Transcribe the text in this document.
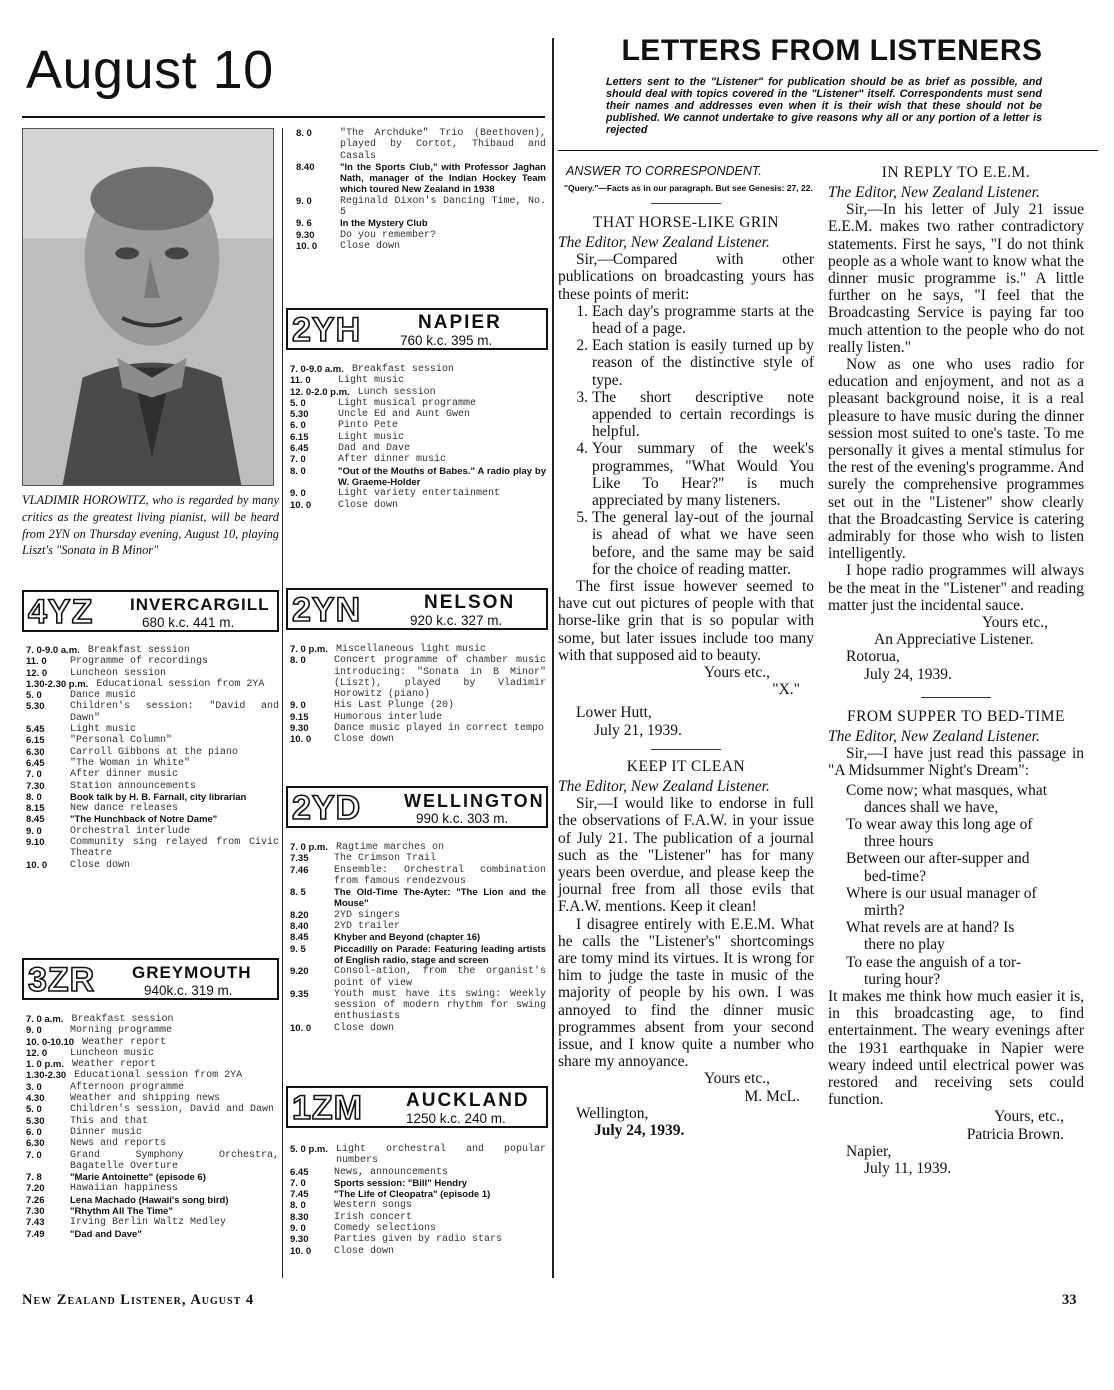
August 10
VLADIMIR HOROWITZ, who is regarded by many critics as the greatest living pianist, will be heard from 2YN on Thursday evening, August 10, playing Liszt's "Sonata in B Minor"
8. 0	"The Archduke" Trio (Beethoven), played by Cortot, Thibaud and Casals
8.40	"In the Sports Club," with Professor Jaghan Nath, manager of the Indian Hockey Team which toured New Zealand in 1938
9. 0	Reginald Dixon's Dancing Time, No. 5
9. 6	In the Mystery Club
9.30	Do you remember?
10. 0	Close down
2YH	NAPIER
760 k.c. 395 m.
7. 0-9.0 a.m. Breakfast session
11. 0	Light music
12. 0-2.0 p.m. Lunch session
5. 0	Light musical programme
5.30	Uncle Ed and Aunt Gwen
6. 0	Pinto Pete
6.15	Light music
6.45	Dad and Dave
7. 0	After dinner music
8. 0	"Out of the Mouths of Babes." A radio play by W. Graeme-Holder
9. 0	Light variety entertainment
10. 0	Close down
4YZ INVERCARGILL
680 k.c. 441 m.
7. 0-9.0 a.m. Breakfast session
11. 0	Programme of recordings
12. 0	Luncheon session
1.30-2.30 p.m. Educational session from 2YA
5. 0	Dance music
5.30	Children's session: "David and Dawn"
5.45	Light music
6.15	"Personal Column"
6.30	Carroll Gibbons at the piano
6.45	"The Woman in White"
7. 0	After dinner music
7.30	Station announcements
8. 0	Book talk by H. B. Farnall, city librarian
8.15	New dance releases
8.45	"The Hunchback of Notre Dame"
9. 0	Orchestral interlude
9.10	Community sing relayed from Civic Theatre
10. 0	Close down
2YN	NELSON
920 k.c. 327 m.
7. 0 p.m. Miscellaneous light music
8. 0	Concert programme of chamber music introducing: "Sonata in B Minor" (Liszt), played by Vladimir Horowitz (piano)
9. 0	His Last Plunge (20)
9.15	Humorous interlude
9.30	Dance music played in correct tempo
10. 0	Close down
2YD WELLINGTON
990 k.c. 303 m.
7. 0 p.m. Ragtime marches on
7.35	The Crimson Trail
7.46	Ensemble: Orchestral combination from famous rendezvous
8. 5	The Old-Time The-Ayter: "The Lion and the Mouse"
8.20	2YD singers
8.40	2YD trailer
8.45	Khyber and Beyond (chapter 16)
9. 5	Piccadilly on Parade: Featuring leading artists of English radio, stage and screen
9.20	Consol-ation, from the organist's point of view
9.35	Youth must have its swing: Weekly session of modern rhythm for swing enthusiasts
10. 0	Close down
3ZR GREYMOUTH
940k.c. 319 m.
7. 0 a.m. Breakfast session
9. 0	Morning programme
10. 0-10.10 Weather report
12. 0	Luncheon music
1. 0 p.m. Weather report
1.30-2.30 Educational session from 2YA
3. 0	Afternoon programme
4.30	Weather and shipping news
5. 0	Children's session, David and Dawn
5.30	This and that
6. 0	Dinner music
6.30	News and reports
7. 0	Grand Symphony Orchestra, Bagatelle Overture
7. 8	"Marie Antoinette" (episode 6)
7.20	Hawaiian happiness
7.26	Lena Machado (Hawaii's song bird)
7.30	"Rhythm All The Time"
7.43	Irving Berlin Waltz Medley
7.49	"Dad and Dave"
1ZM AUCKLAND
1250 k.c. 240 m.
5. 0 p.m. Light orchestral and popular numbers
6.45	News, announcements
7. 0	Sports session: "Bill" Hendry
7.45	"The Life of Cleopatra" (episode 1)
8. 0	Western songs
8.30	Irish concert
9. 0	Comedy selections
9.30	Parties given by radio stars
10. 0	Close down
LETTERS FROM LISTENERS
Letters sent to the "Listener" for publication should be as brief as possible, and should deal with topics covered in the "Listener" itself. Correspondents must send their names and addresses even when it is their wish that these should not be published. We cannot undertake to give reasons why all or any portion of a letter is rejected
ANSWER TO CORRESPONDENT.
"Query."—Facts as in our paragraph. But see Genesis: 27, 22.
THAT HORSE-LIKE GRIN

The Editor, New Zealand Listener.

Sir,—Compared with other publications on broadcasting yours has these points of merit:

1. Each day's programme starts at the head of a page.
2. Each station is easily turned up by reason of the distinctive style of type.
3. The short descriptive note appended to certain recordings is helpful.
4. Your summary of the week's programmes, "What Would You Like To Hear?" is much appreciated by many listeners.
5. The general lay-out of the journal is ahead of what we have seen before, and the same may be said for the choice of reading matter.

The first issue however seemed to have cut out pictures of people with that horse-like grin that is so popular with some, but later issues include too many with that supposed aid to beauty.

Yours etc.,

"X."

Lower Hutt,

July 21, 1939.

KEEP IT CLEAN

The Editor, New Zealand Listener.

Sir,—I would like to endorse in full the observations of F.A.W. in your issue of July 21. The publication of a journal such as the "Listener" has for many years been overdue, and please keep the journal free from all those evils that F.A.W. mentions. Keep it clean!

I disagree entirely with E.E.M. What he calls the "Listener's" shortcomings are tomy mind its virtues. It is wrong for him to judge the taste in music of the majority of people by his own. I was annoyed to find the dinner music programmes absent from your second issue, and I know quite a number who share my annoyance.

Yours etc.,

M. McL.

Wellington,

July 24, 1939.

IN REPLY TO E.E.M.

The Editor, New Zealand Listener.

Sir,—In his letter of July 21 issue E.E.M. makes two rather contradictory statements. First he says, "I do not think people as a whole want to know what the dinner music programme is." A little further on he says, "I feel that the Broadcasting Service is paying far too much attention to the people who do not really listen."

Now as one who uses radio for education and enjoyment, and not as a pleasant background noise, it is a real pleasure to have music during the dinner session most suited to one's taste. To me personally it gives a mental stimulus for the rest of the evening's programme. And surely the comprehensive programmes set out in the "Listener" show clearly that the Broadcasting Service is catering admirably for those who wish to listen intelligently.

I hope radio programmes will always be the meat in the "Listener" and reading matter just the incidental sauce.

Yours etc.,

An Appreciative Listener.

Rotorua,

July 24, 1939.

FROM SUPPER TO BED-TIME

The Editor, New Zealand Listener.

Sir,—I have just read this passage in "A Midsummer Night's Dream":

Come now; what masques, what
dances shall we have,
To wear away this long age of
three hours
Between our after-supper and
bed-time?
Where is our usual manager of
mirth?
What revels are at hand? Is
there no play
To ease the anguish of a tor-
turing hour?

It makes me think how much easier it is, in this broadcasting age, to find entertainment. The weary evenings after the 1931 earthquake in Napier were weary indeed until electrical power was restored and receiving sets could function.

Yours, etc.,

Patricia Brown.

Napier,

July 11, 1939.

New Zealand Listener, August 4	33
